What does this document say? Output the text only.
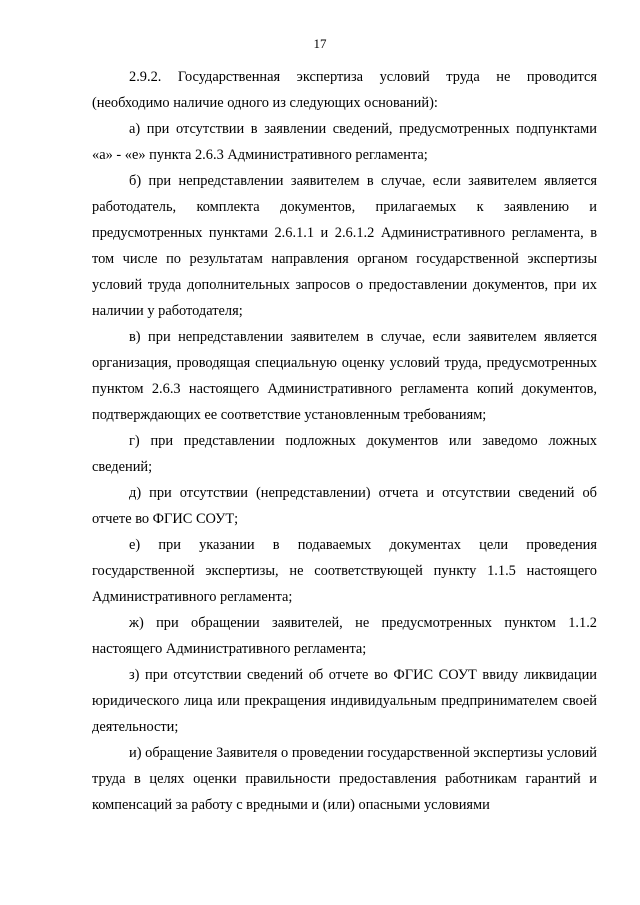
17

2.9.2. Государственная экспертиза условий труда не проводится (необходимо наличие одного из следующих оснований):

а) при отсутствии в заявлении сведений, предусмотренных подпунктами «а» - «е» пункта 2.6.3 Административного регламента;

б) при непредставлении заявителем в случае, если заявителем является работодатель, комплекта документов, прилагаемых к заявлению и предусмотренных пунктами 2.6.1.1 и 2.6.1.2 Административного регламента, в том числе по результатам направления органом государственной экспертизы условий труда дополнительных запросов о предоставлении документов, при их наличии у работодателя;

в) при непредставлении заявителем в случае, если заявителем является организация, проводящая специальную оценку условий труда, предусмотренных пунктом 2.6.3 настоящего Административного регламента копий документов, подтверждающих ее соответствие установленным требованиям;

г) при представлении подложных документов или заведомо ложных сведений;

д) при отсутствии (непредставлении) отчета и отсутствии сведений об отчете во ФГИС СОУТ;

е) при указании в подаваемых документах цели проведения государственной экспертизы, не соответствующей пункту 1.1.5 настоящего Административного регламента;

ж) при обращении заявителей, не предусмотренных пунктом 1.1.2 настоящего Административного регламента;

з) при отсутствии сведений об отчете во ФГИС СОУТ ввиду ликвидации юридического лица или прекращения индивидуальным предпринимателем своей деятельности;

и) обращение Заявителя о проведении государственной экспертизы условий труда в целях оценки правильности предоставления работникам гарантий и компенсаций за работу с вредными и (или) опасными условиями
